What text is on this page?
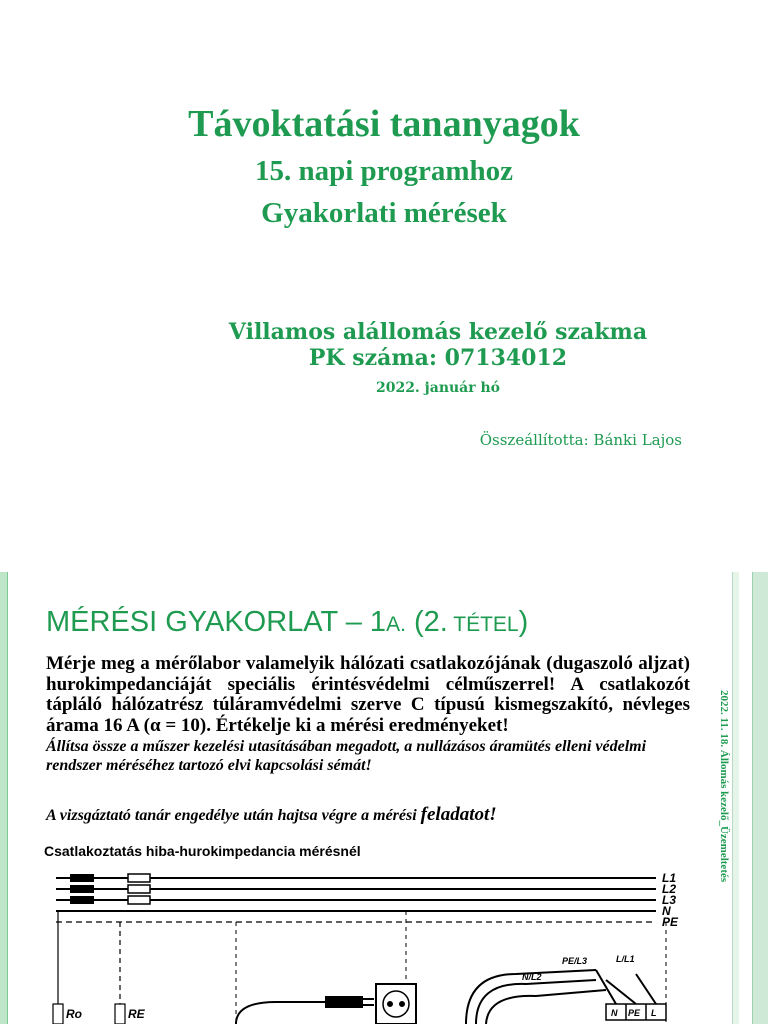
Távoktatási tananyagok
15. napi programhoz
Gyakorlati mérések
Villamos alállomás kezelő szakma
PK száma: 07134012
2022. január hó
Összeállította: Bánki Lajos
MÉRÉSI GYAKORLAT – 1A. (2. TÉTEL)

Mérje meg a mérőlabor valamelyik hálózati csatlakozójának (dugaszoló aljzat) hurokimpedanciáját speciális érintésvédelmi célműszerrel! A csatlakozót tápláló hálózatrész túláramvédelmi szerve C típusú kismegszakító, névleges árama 16 A (α = 10). Értékelje ki a mérési eredményeket!

Állítsa össze a műszer kezelési utasításában megadott, a nullázásos áramütés elleni védelmi rendszer méréséhez tartozó elvi kapcsolási sémát!

A vizsgáztató tanár engedélye után hajtsa végre a mérési feladatot!	2022. 11. 18. Állomás kezelő_Üzemeltetés
Csatlakoztatás hiba-hurokimpedancia mérésnél
L1
L2
L3
N
PE
Ro	RE
PE/L3	L/L1
N/L2
N PE L
